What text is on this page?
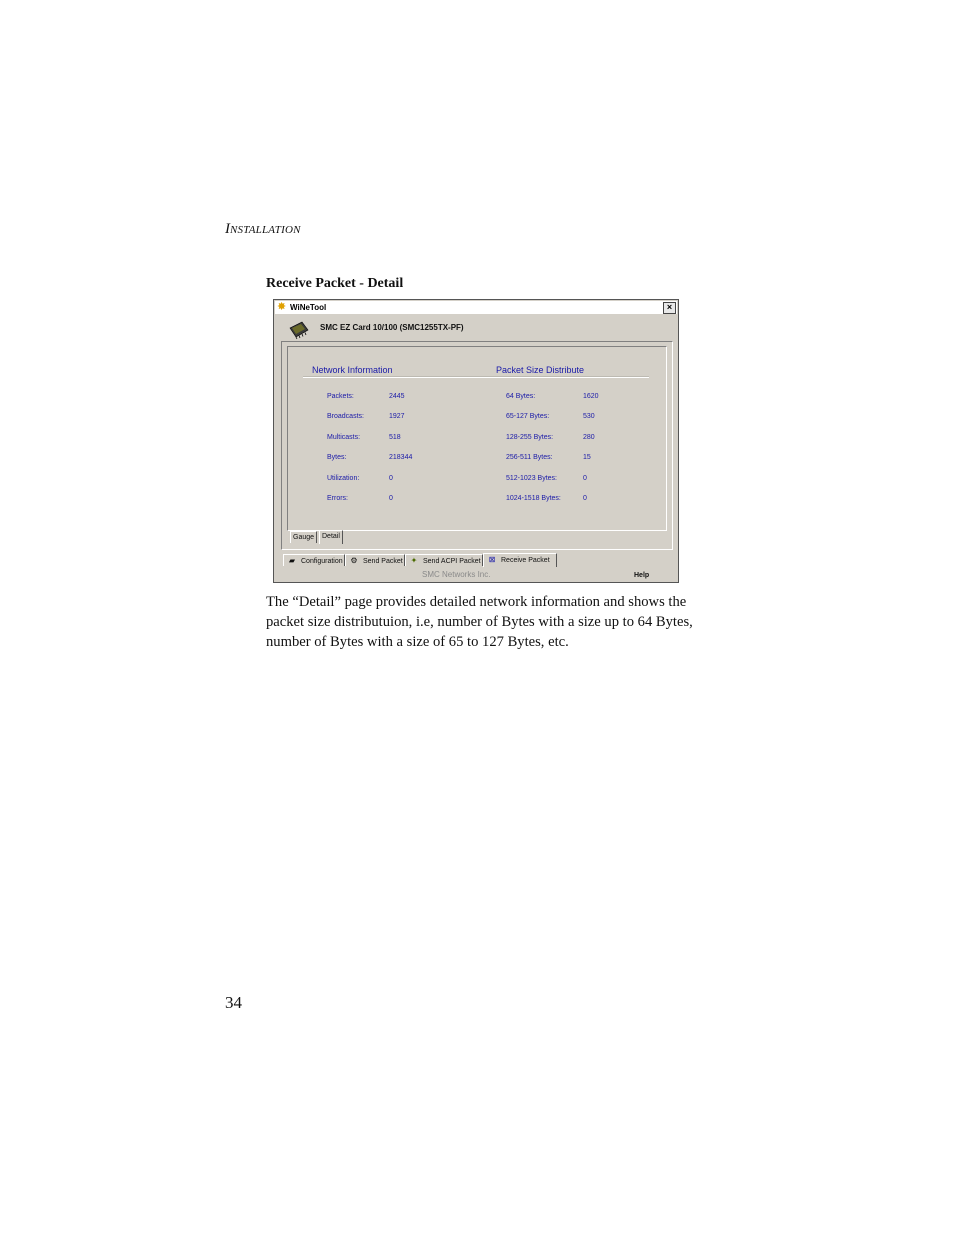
INSTALLATION
Receive Packet - Detail
✸ WiNeTool	×
SMC EZ Card 10/100 (SMC1255TX-PF)
Network Information	Packet Size Distribute
Packets:	2445
Broadcasts:	1927
Multicasts:	518
Bytes:	218344
Utilization:	0
Errors:	0
64 Bytes:	1620
65-127 Bytes:	530
128-255 Bytes:	280
256-511 Bytes:	15
512-1023 Bytes:	0
1024-1518 Bytes:	0
Gauge	Detail
▰ Configuration ⚙ Send Packet ✦ Send ACPI Packet	⊠ Receive Packet
SMC Networks Inc.	Help
The “Detail” page provides detailed network information and shows the packet size distributuion, i.e, number of Bytes with a size up to 64 Bytes, number of Bytes with a size of 65 to 127 Bytes, etc.
34
